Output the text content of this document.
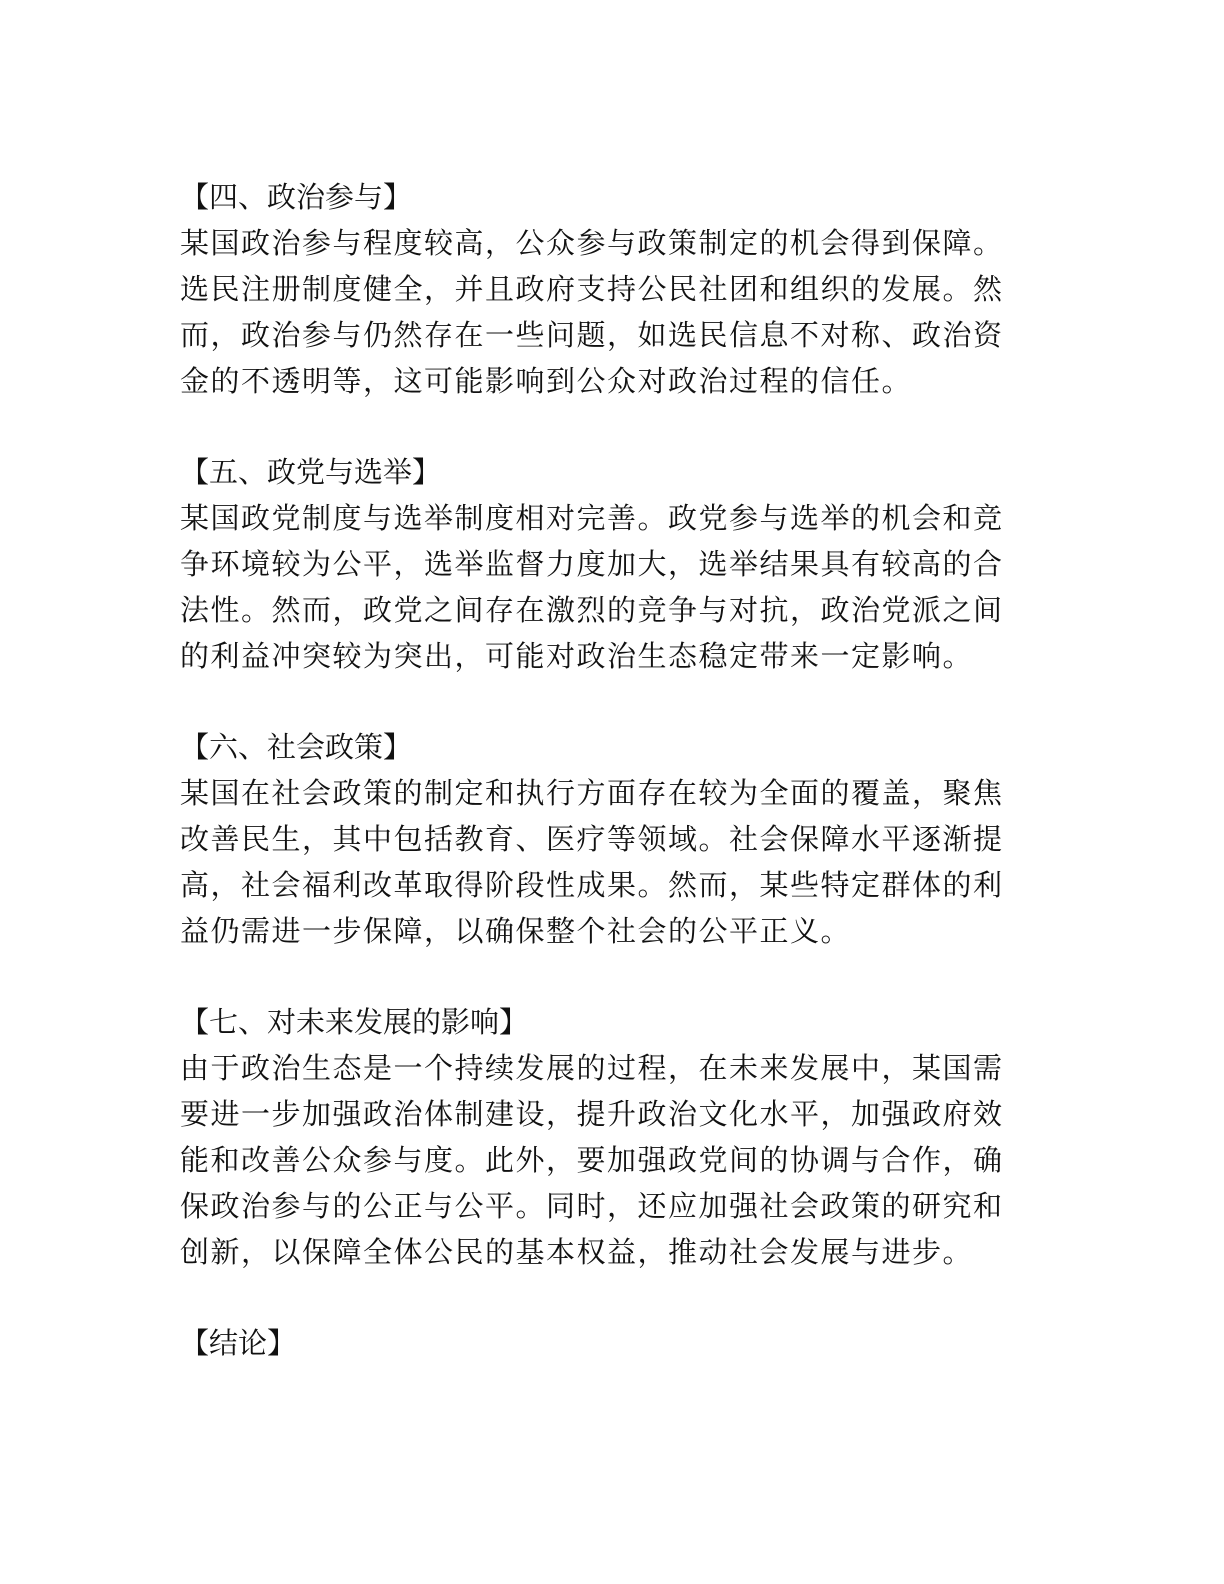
【四、政治参与】
某国政治参与程度较高，公众参与政策制定的机会得到保障。
选民注册制度健全，并且政府支持公民社团和组织的发展。然
而，政治参与仍然存在一些问题，如选民信息不对称、政治资
金的不透明等，这可能影响到公众对政治过程的信任。
【五、政党与选举】
某国政党制度与选举制度相对完善。政党参与选举的机会和竞
争环境较为公平，选举监督力度加大，选举结果具有较高的合
法性。然而，政党之间存在激烈的竞争与对抗，政治党派之间
的利益冲突较为突出，可能对政治生态稳定带来一定影响。
【六、社会政策】
某国在社会政策的制定和执行方面存在较为全面的覆盖，聚焦
改善民生，其中包括教育、医疗等领域。社会保障水平逐渐提
高，社会福利改革取得阶段性成果。然而，某些特定群体的利
益仍需进一步保障，以确保整个社会的公平正义。
【七、对未来发展的影响】
由于政治生态是一个持续发展的过程，在未来发展中，某国需
要进一步加强政治体制建设，提升政治文化水平，加强政府效
能和改善公众参与度。此外，要加强政党间的协调与合作，确
保政治参与的公正与公平。同时，还应加强社会政策的研究和
创新，以保障全体公民的基本权益，推动社会发展与进步。
【结论】
